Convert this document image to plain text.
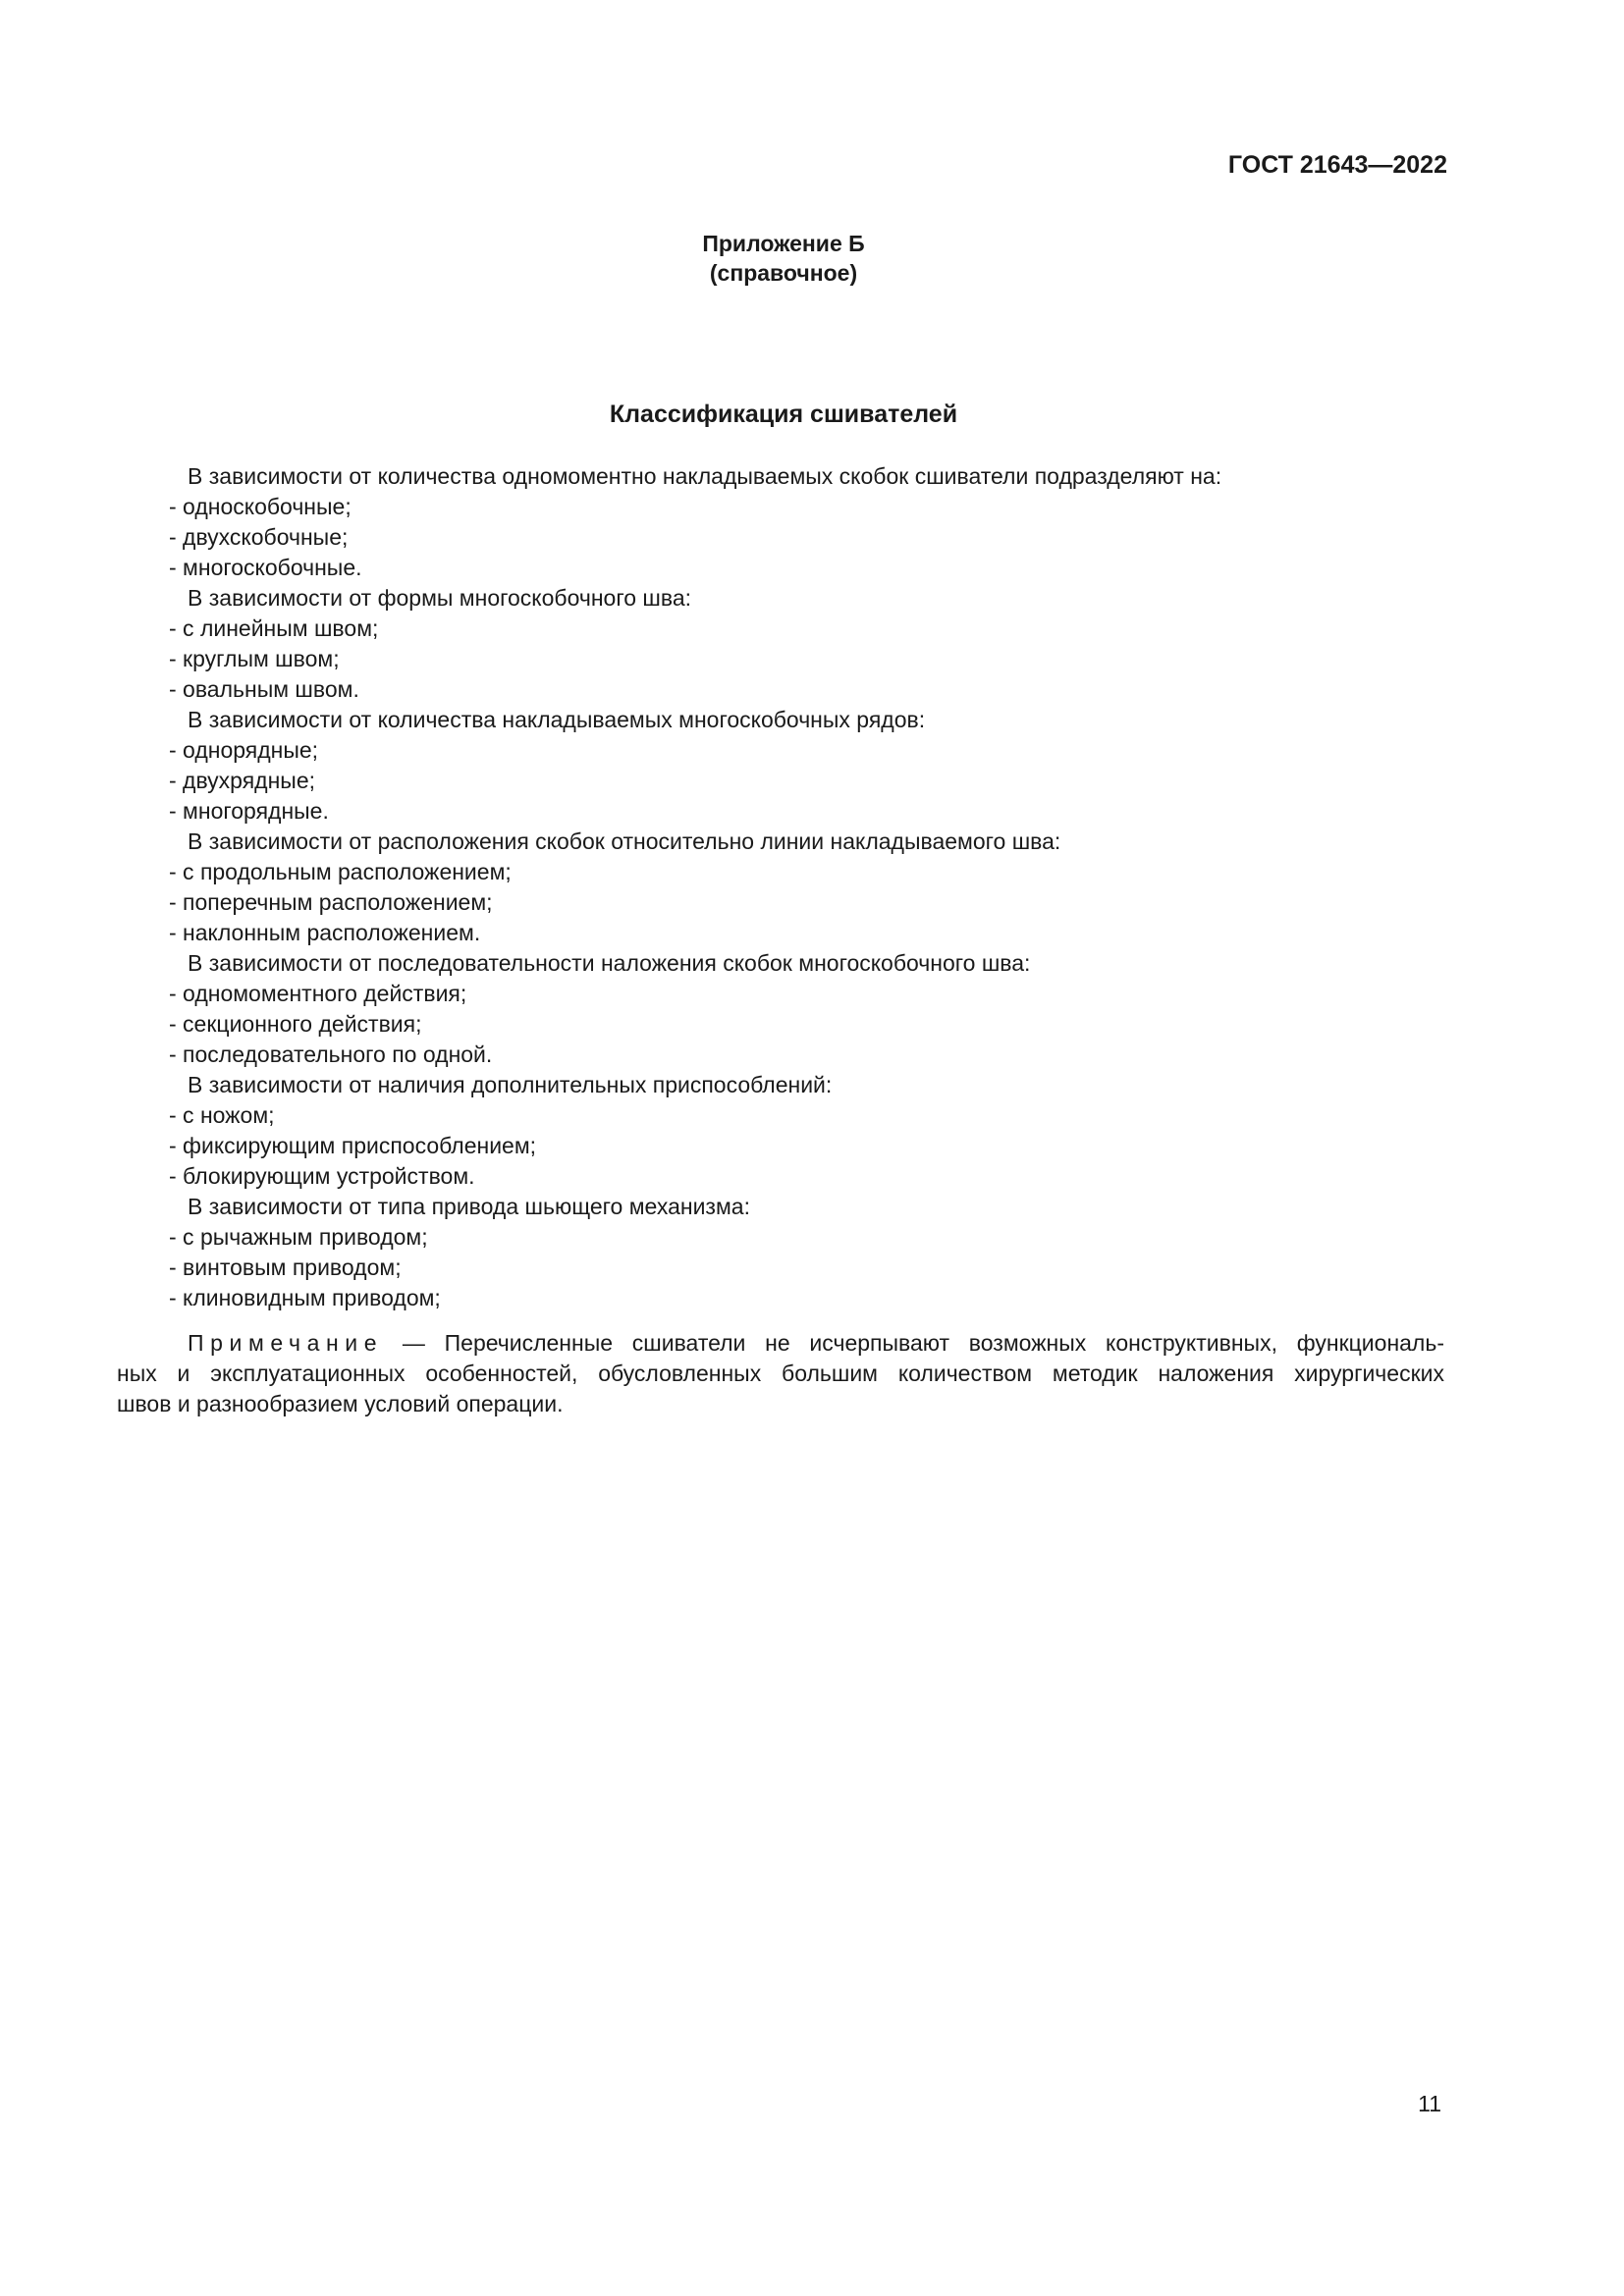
ГОСТ 21643—2022
Приложение Б
(справочное)
Классификация сшивателей
В зависимости от количества одномоментно накладываемых скобок сшиватели подразделяют на:
- односкобочные;
- двухскобочные;
- многоскобочные.
В зависимости от формы многоскобочного шва:
- с линейным швом;
- круглым швом;
- овальным швом.
В зависимости от количества накладываемых многоскобочных рядов:
- однорядные;
- двухрядные;
- многорядные.
В зависимости от расположения скобок относительно линии накладываемого шва:
- с продольным расположением;
- поперечным расположением;
- наклонным расположением.
В зависимости от последовательности наложения скобок многоскобочного шва:
- одномоментного действия;
- секционного действия;
- последовательного по одной.
В зависимости от наличия дополнительных приспособлений:
- с ножом;
- фиксирующим приспособлением;
- блокирующим устройством.
В зависимости от типа привода шьющего механизма:
- с рычажным приводом;
- винтовым приводом;
- клиновидным приводом;
Примечание — Перечисленные сшиватели не исчерпывают возможных конструктивных, функциональ-
ных и эксплуатационных особенностей, обусловленных большим количеством методик наложения хирургических
швов и разнообразием условий операции.
11
